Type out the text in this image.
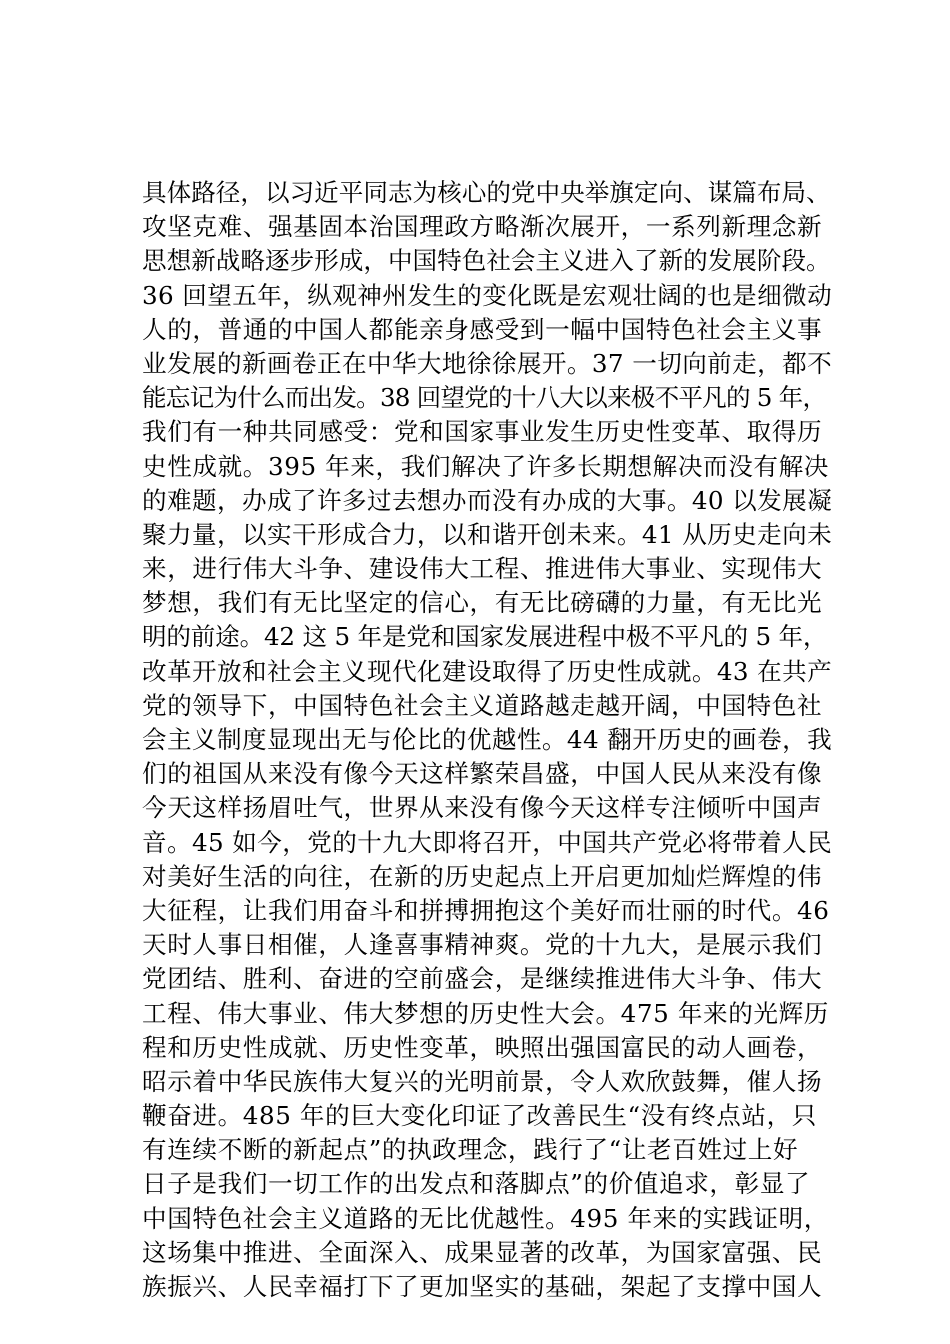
具体路径，以习近平同志为核心的党中央举旗定向、谋篇布局、
攻坚克难、强基固本治国理政方略渐次展开，一系列新理念新
思想新战略逐步形成，中国特色社会主义进入了新的发展阶段。
36 回望五年，纵观神州发生的变化既是宏观壮阔的也是细微动
人的，普通的中国人都能亲身感受到一幅中国特色社会主义事
业发展的新画卷正在中华大地徐徐展开。37 一切向前走，都不
能忘记为什么而出发。38 回望党的十八大以来极不平凡的 5 年，
我们有一种共同感受：党和国家事业发生历史性变革、取得历
史性成就。395 年来，我们解决了许多长期想解决而没有解决
的难题，办成了许多过去想办而没有办成的大事。40 以发展凝
聚力量，以实干形成合力，以和谐开创未来。41 从历史走向未
来，进行伟大斗争、建设伟大工程、推进伟大事业、实现伟大
梦想，我们有无比坚定的信心，有无比磅礴的力量，有无比光
明的前途。42 这 5 年是党和国家发展进程中极不平凡的 5 年，
改革开放和社会主义现代化建设取得了历史性成就。43 在共产
党的领导下，中国特色社会主义道路越走越开阔，中国特色社
会主义制度显现出无与伦比的优越性。44 翻开历史的画卷，我
们的祖国从来没有像今天这样繁荣昌盛，中国人民从来没有像
今天这样扬眉吐气，世界从来没有像今天这样专注倾听中国声
音。45 如今，党的十九大即将召开，中国共产党必将带着人民
对美好生活的向往，在新的历史起点上开启更加灿烂辉煌的伟
大征程，让我们用奋斗和拼搏拥抱这个美好而壮丽的时代。46
天时人事日相催，人逢喜事精神爽。党的十九大，是展示我们
党团结、胜利、奋进的空前盛会，是继续推进伟大斗争、伟大
工程、伟大事业、伟大梦想的历史性大会。475 年来的光辉历
程和历史性成就、历史性变革，映照出强国富民的动人画卷，
昭示着中华民族伟大复兴的光明前景，令人欢欣鼓舞，催人扬
鞭奋进。485 年的巨大变化印证了改善民生“没有终点站，只
有连续不断的新起点”的执政理念，践行了“让老百姓过上好
日子是我们一切工作的出发点和落脚点”的价值追求，彰显了
中国特色社会主义道路的无比优越性。495 年来的实践证明，
这场集中推进、全面深入、成果显著的改革，为国家富强、民
族振兴、人民幸福打下了更加坚实的基础，架起了支撑中国人
